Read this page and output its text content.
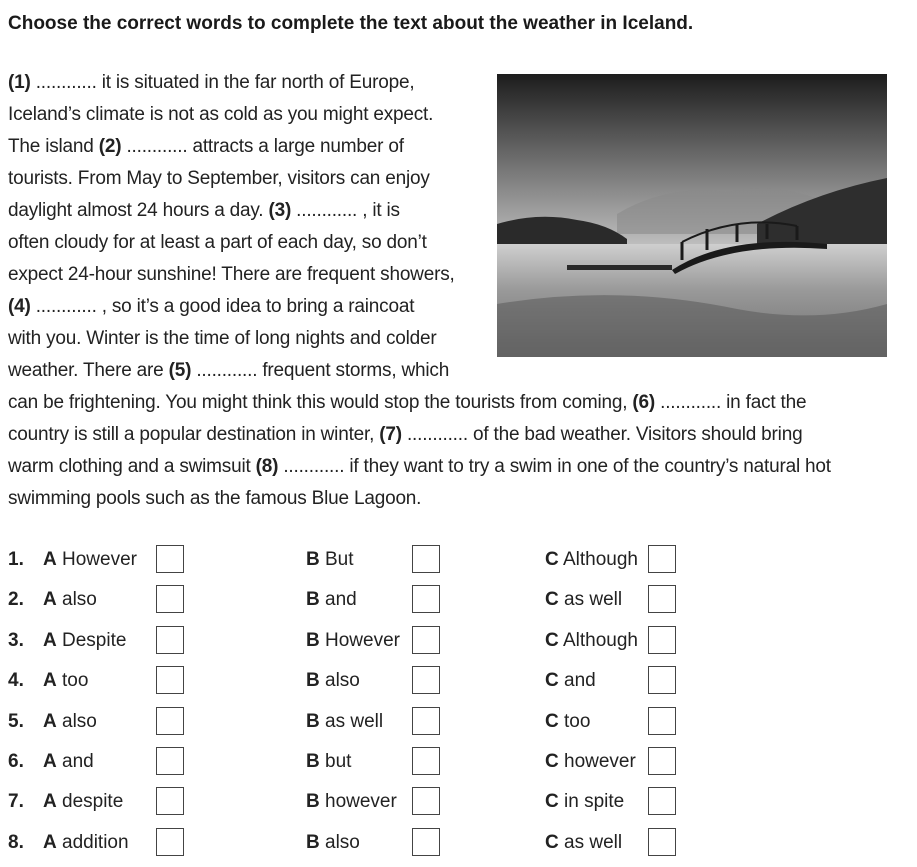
Choose the correct words to complete the text about the weather in Iceland.
(1) ............ it is situated in the far north of Europe,
Iceland’s climate is not as cold as you might expect.
The island (2) ............ attracts a large number of
tourists. From May to September, visitors can enjoy
daylight almost 24 hours a day. (3) ............ , it is
often cloudy for at least a part of each day, so don’t
expect 24-hour sunshine! There are frequent showers,
(4) ............ , so it’s a good idea to bring a raincoat
with you. Winter is the time of long nights and colder
weather. There are (5) ............ frequent storms, which
can be frightening. You might think this would stop the tourists from coming, (6) ............ in fact the
country is still a popular destination in winter, (7) ............ of the bad weather. Visitors should bring
warm clothing and a swimsuit (8) ............ if they want to try a swim in one of the country’s natural hot
swimming pools such as the famous Blue Lagoon.
1. A However	B But	C Although
2. A also	B and	C as well
3. A Despite	B However	C Although
4. A too	B also	C and
5. A also	B as well	C too
6. A and	B but	C however
7. A despite	B however	C in spite
8. A addition	B also	C as well
